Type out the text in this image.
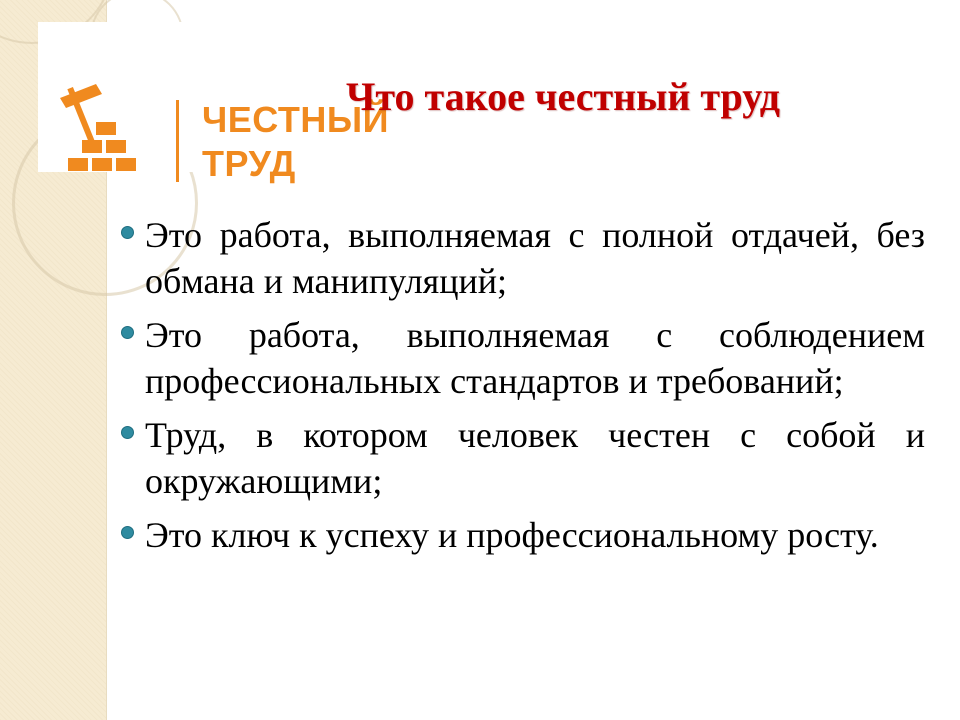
ЧЕСТНЫЙ
ТРУД
Что такое честный труд
Это работа, выполняемая с полной отдачей, без обмана и манипуляций;
Это работа, выполняемая с соблюдением профессиональных стандартов и требований;
Труд, в котором человек честен с собой и окружающими;
Это ключ к успеху и профессиональному росту.
